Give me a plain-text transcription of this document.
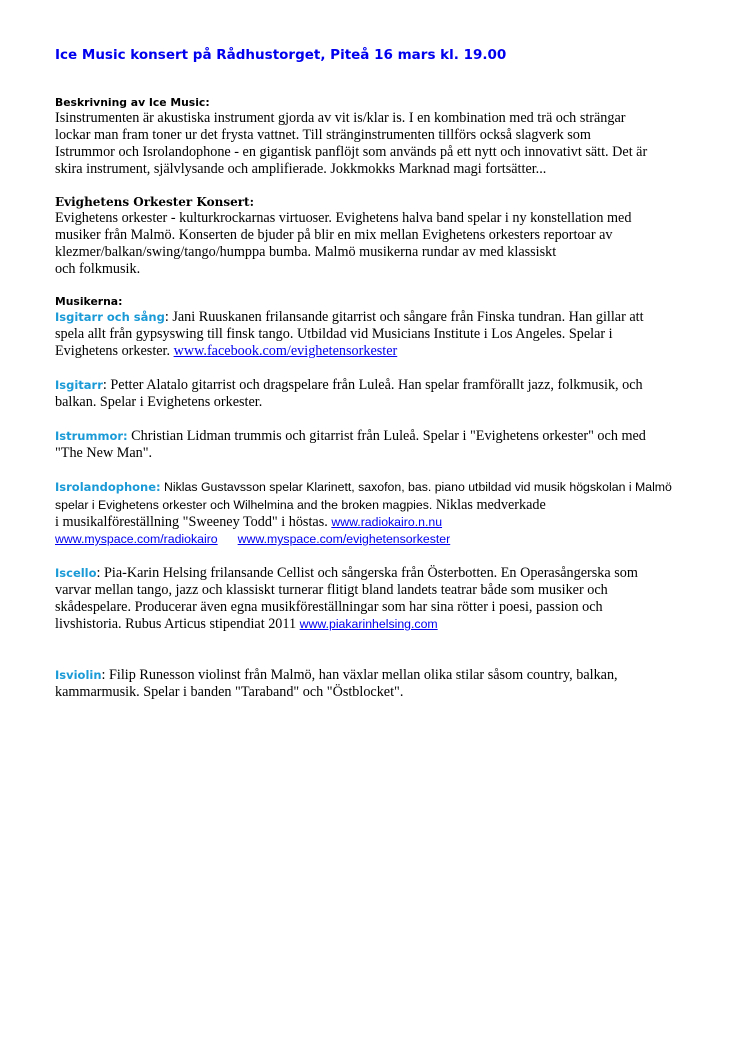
Ice Music konsert på Rådhustorget, Piteå 16 mars kl. 19.00
Beskrivning av Ice Music:
Isinstrumenten är akustiska instrument gjorda av vit is/klar is. I en kombination med trä och strängar
lockar man fram toner ur det frysta vattnet. Till stränginstrumenten tillförs också slagverk som
Istrummor och Isrolandophone - en gigantisk panflöjt som används på ett nytt och innovativt sätt. Det är
skira instrument, självlysande och amplifierade. Jokkmokks Marknad magi fortsätter...
Evighetens Orkester Konsert:
Evighetens orkester - kulturkrockarnas virtuoser. Evighetens halva band spelar i ny konstellation med
musiker från Malmö. Konserten de bjuder på blir en mix mellan Evighetens orkesters reportoar av
klezmer/balkan/swing/tango/humppa bumba. Malmö musikerna rundar av med klassiskt
och folkmusik.
Musikerna:
Isgitarr och sång: Jani Ruuskanen frilansande gitarrist och sångare från Finska tundran. Han gillar att
spela allt från gypsyswing till finsk tango. Utbildad vid Musicians Institute i Los Angeles. Spelar i
Evighetens orkester. www.facebook.com/evighetensorkester
Isgitarr: Petter Alatalo gitarrist och dragspelare från Luleå. Han spelar framförallt jazz, folkmusik, och
balkan. Spelar i Evighetens orkester.
Istrummor: Christian Lidman trummis och gitarrist från Luleå. Spelar i "Evighetens orkester" och med
"The New Man".
Isrolandophone: Niklas Gustavsson spelar Klarinett, saxofon, bas. piano utbildad vid musik högskolan i Malmö
spelar i Evighetens orkester och Wilhelmina and the broken magpies. Niklas medverkade
i musikalföreställning "Sweeney Todd" i höstas. www.radiokairo.n.nu
www.myspace.com/radiokairo www.myspace.com/evighetensorkester
Iscello: Pia-Karin Helsing frilansande Cellist och sångerska från Österbotten. En Operasångerska som
varvar mellan tango, jazz och klassiskt turnerar flitigt bland landets teatrar både som musiker och
skådespelare. Producerar även egna musikföreställningar som har sina rötter i poesi, passion och
livshistoria. Rubus Articus stipendiat 2011 www.piakarinhelsing.com
Isviolin: Filip Runesson violinst från Malmö, han växlar mellan olika stilar såsom country, balkan,
kammarmusik. Spelar i banden "Taraband" och "Östblocket".
